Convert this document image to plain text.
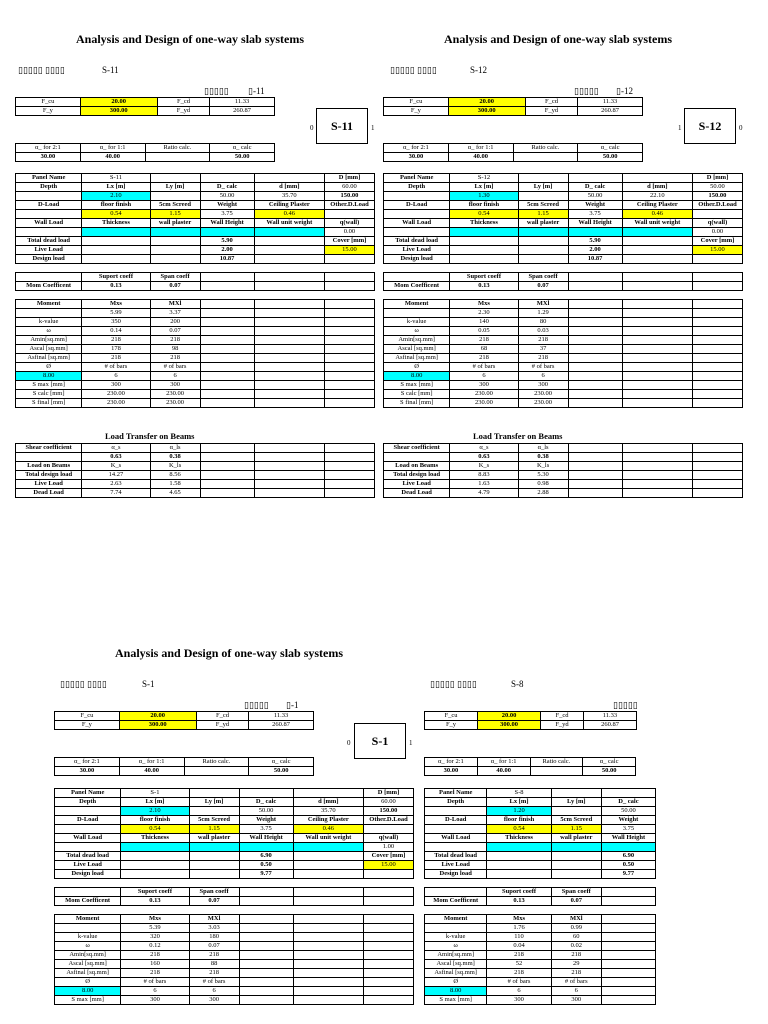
Analysis and Design of one-way slab systems
▯▯▯▯▯ ▯▯▯▯	S-11
▯▯▯▯▯ ▯-11
S-11
0	1
F_cu	20.00	F_cd	11.33
F_y	300.00	F_yd	260.87
α_ for 2:1	α_ for 1:1	Ratio calc.	α_ calc
30.00	40.00		50.00
Panel Name	S-11				D [mm]
Depth	Lx [m]	Ly [m]	D_ calc	d [mm]	60.00
	2.10		50.00	35.70	150.00
D-Load	floor finish	5cm Screed	Weight	Ceiling Plaster	Other.D.Load
	0.54	1.15	3.75	0.46	
Wall Load	Thickness	wall plaster	Wall Height	Wall unit weight	q(wall)
					0.00
Total dead load			5.90		Cover [mm]
Live Load			2.00		15.00
Design load			10.87		

	Suport coeff	Span coeff			
Mom Coefficent	0.13	0.07			

Moment	Mxs	MXl			
	5.99	3.37			
k-value	350	200			
ω	0.14	0.07			
Amin[sq.mm]	218	218			
Ascal [sq.mm]	178	98			
Asfinal [sq.mm]	218	218			
Ø	# of bars	# of bars			
8.00	6	6			
S max [mm]	300	300			
S calc [mm]	230.00	230.00			
S final [mm]	230.00	230.00			
Load Transfer on Beams
Shear coefficient	α_s	α_ls			
	0.63	0.38			
Load on Beams	K_s	K_ls			
Total design load	14.27	8.56			
Live Load	2.63	1.58			
Dead Load	7.74	4.65			
Analysis and Design of one-way slab systems
▯▯▯▯▯ ▯▯▯▯	S-12
▯▯▯▯▯ ▯-12
S-12
1	0
F_cu	20.00	F_cd	11.33
F_y	300.00	F_yd	260.87
α_ for 2:1	α_ for 1:1	Ratio calc.	α_ calc
30.00	40.00		50.00
Panel Name	S-12				D [mm]
Depth	Lx [m]	Ly [m]	D_ calc	d [mm]	50.00
	1.30		50.00	22.10	150.00
D-Load	floor finish	5cm Screed	Weight	Ceiling Plaster	Other.D.Load
	0.54	1.15	3.75	0.46	
Wall Load	Thickness	wall plaster	Wall Height	Wall unit weight	q(wall)
					0.00
Total dead load			5.90		Cover [mm]
Live Load			2.00		15.00
Design load			10.87		

	Suport coeff	Span coeff			
Mom Coefficent	0.13	0.07			

Moment	Mxs	MXl			
	2.30	1.29			
k-value	140	80			
ω	0.05	0.03			
Amin[sq.mm]	218	218			
Ascal [sq.mm]	68	37			
Asfinal [sq.mm]	218	218			
Ø	# of bars	# of bars			
8.00	6	6			
S max [mm]	300	300			
S calc [mm]	230.00	230.00			
S final [mm]	230.00	230.00			
Load Transfer on Beams
Shear coefficient	α_s	α_ls			
	0.63	0.38			
Load on Beams	K_s	K_ls			
Total design load	8.83	5.30			
Live Load	1.63	0.98			
Dead Load	4.79	2.88			
Analysis and Design of one-way slab systems
▯▯▯▯▯ ▯▯▯▯	S-1
▯▯▯▯▯ ▯-1
S-1
0	1
F_cu	20.00	F_cd	11.33
F_y	300.00	F_yd	260.87
α_ for 2:1	α_ for 1:1	Ratio calc.	α_ calc
30.00	40.00		50.00
Panel Name	S-1				D [mm]
Depth	Lx [m]	Ly [m]	D_ calc	d [mm]	60.00
	2.10		50.00	35.70	150.00
D-Load	floor finish	5cm Screed	Weight	Ceiling Plaster	Other.D.Load
	0.54	1.15	3.75	0.46	
Wall Load	Thickness	wall plaster	Wall Height	Wall unit weight	q(wall)
					1.00
Total dead load			6.90		Cover [mm]
Live Load			0.50		15.00
Design load			9.77		

	Suport coeff	Span coeff			
Mom Coefficent	0.13	0.07			

Moment	Mxs	MXl			
	5.39	3.03			
k-value	320	180			
ω	0.12	0.07			
Amin[sq.mm]	218	218			
Ascal [sq.mm]	160	88			
Asfinal [sq.mm]	218	218			
Ø	# of bars	# of bars			
8.00	6	6			
S max [mm]	300	300			
▯▯▯▯▯ ▯▯▯▯	S-8
▯▯▯▯▯
F_cu	20.00	F_cd	11.33
F_y	300.00	F_yd	260.87
α_ for 2:1	α_ for 1:1	Ratio calc.	α_ calc
30.00	40.00		50.00
Panel Name	S-8		
Depth	Lx [m]	Ly [m]	D_ calc
	1.20		50.00
D-Load	floor finish	5cm Screed	Weight
	0.54	1.15	3.75
Wall Load	Thickness	wall plaster	Wall Height

Total dead load			6.90
Live Load			0.50
Design load			9.77

	Suport coeff	Span coeff	
Mom Coefficent	0.13	0.07	

Moment	Mxs	MXl	
	1.76	0.99	
k-value	110	60	
ω	0.04	0.02	
Amin[sq.mm]	218	218	
Ascal [sq.mm]	52	29	
Asfinal [sq.mm]	218	218	
Ø	# of bars	# of bars	
8.00	6	6	
S max [mm]	300	300	
